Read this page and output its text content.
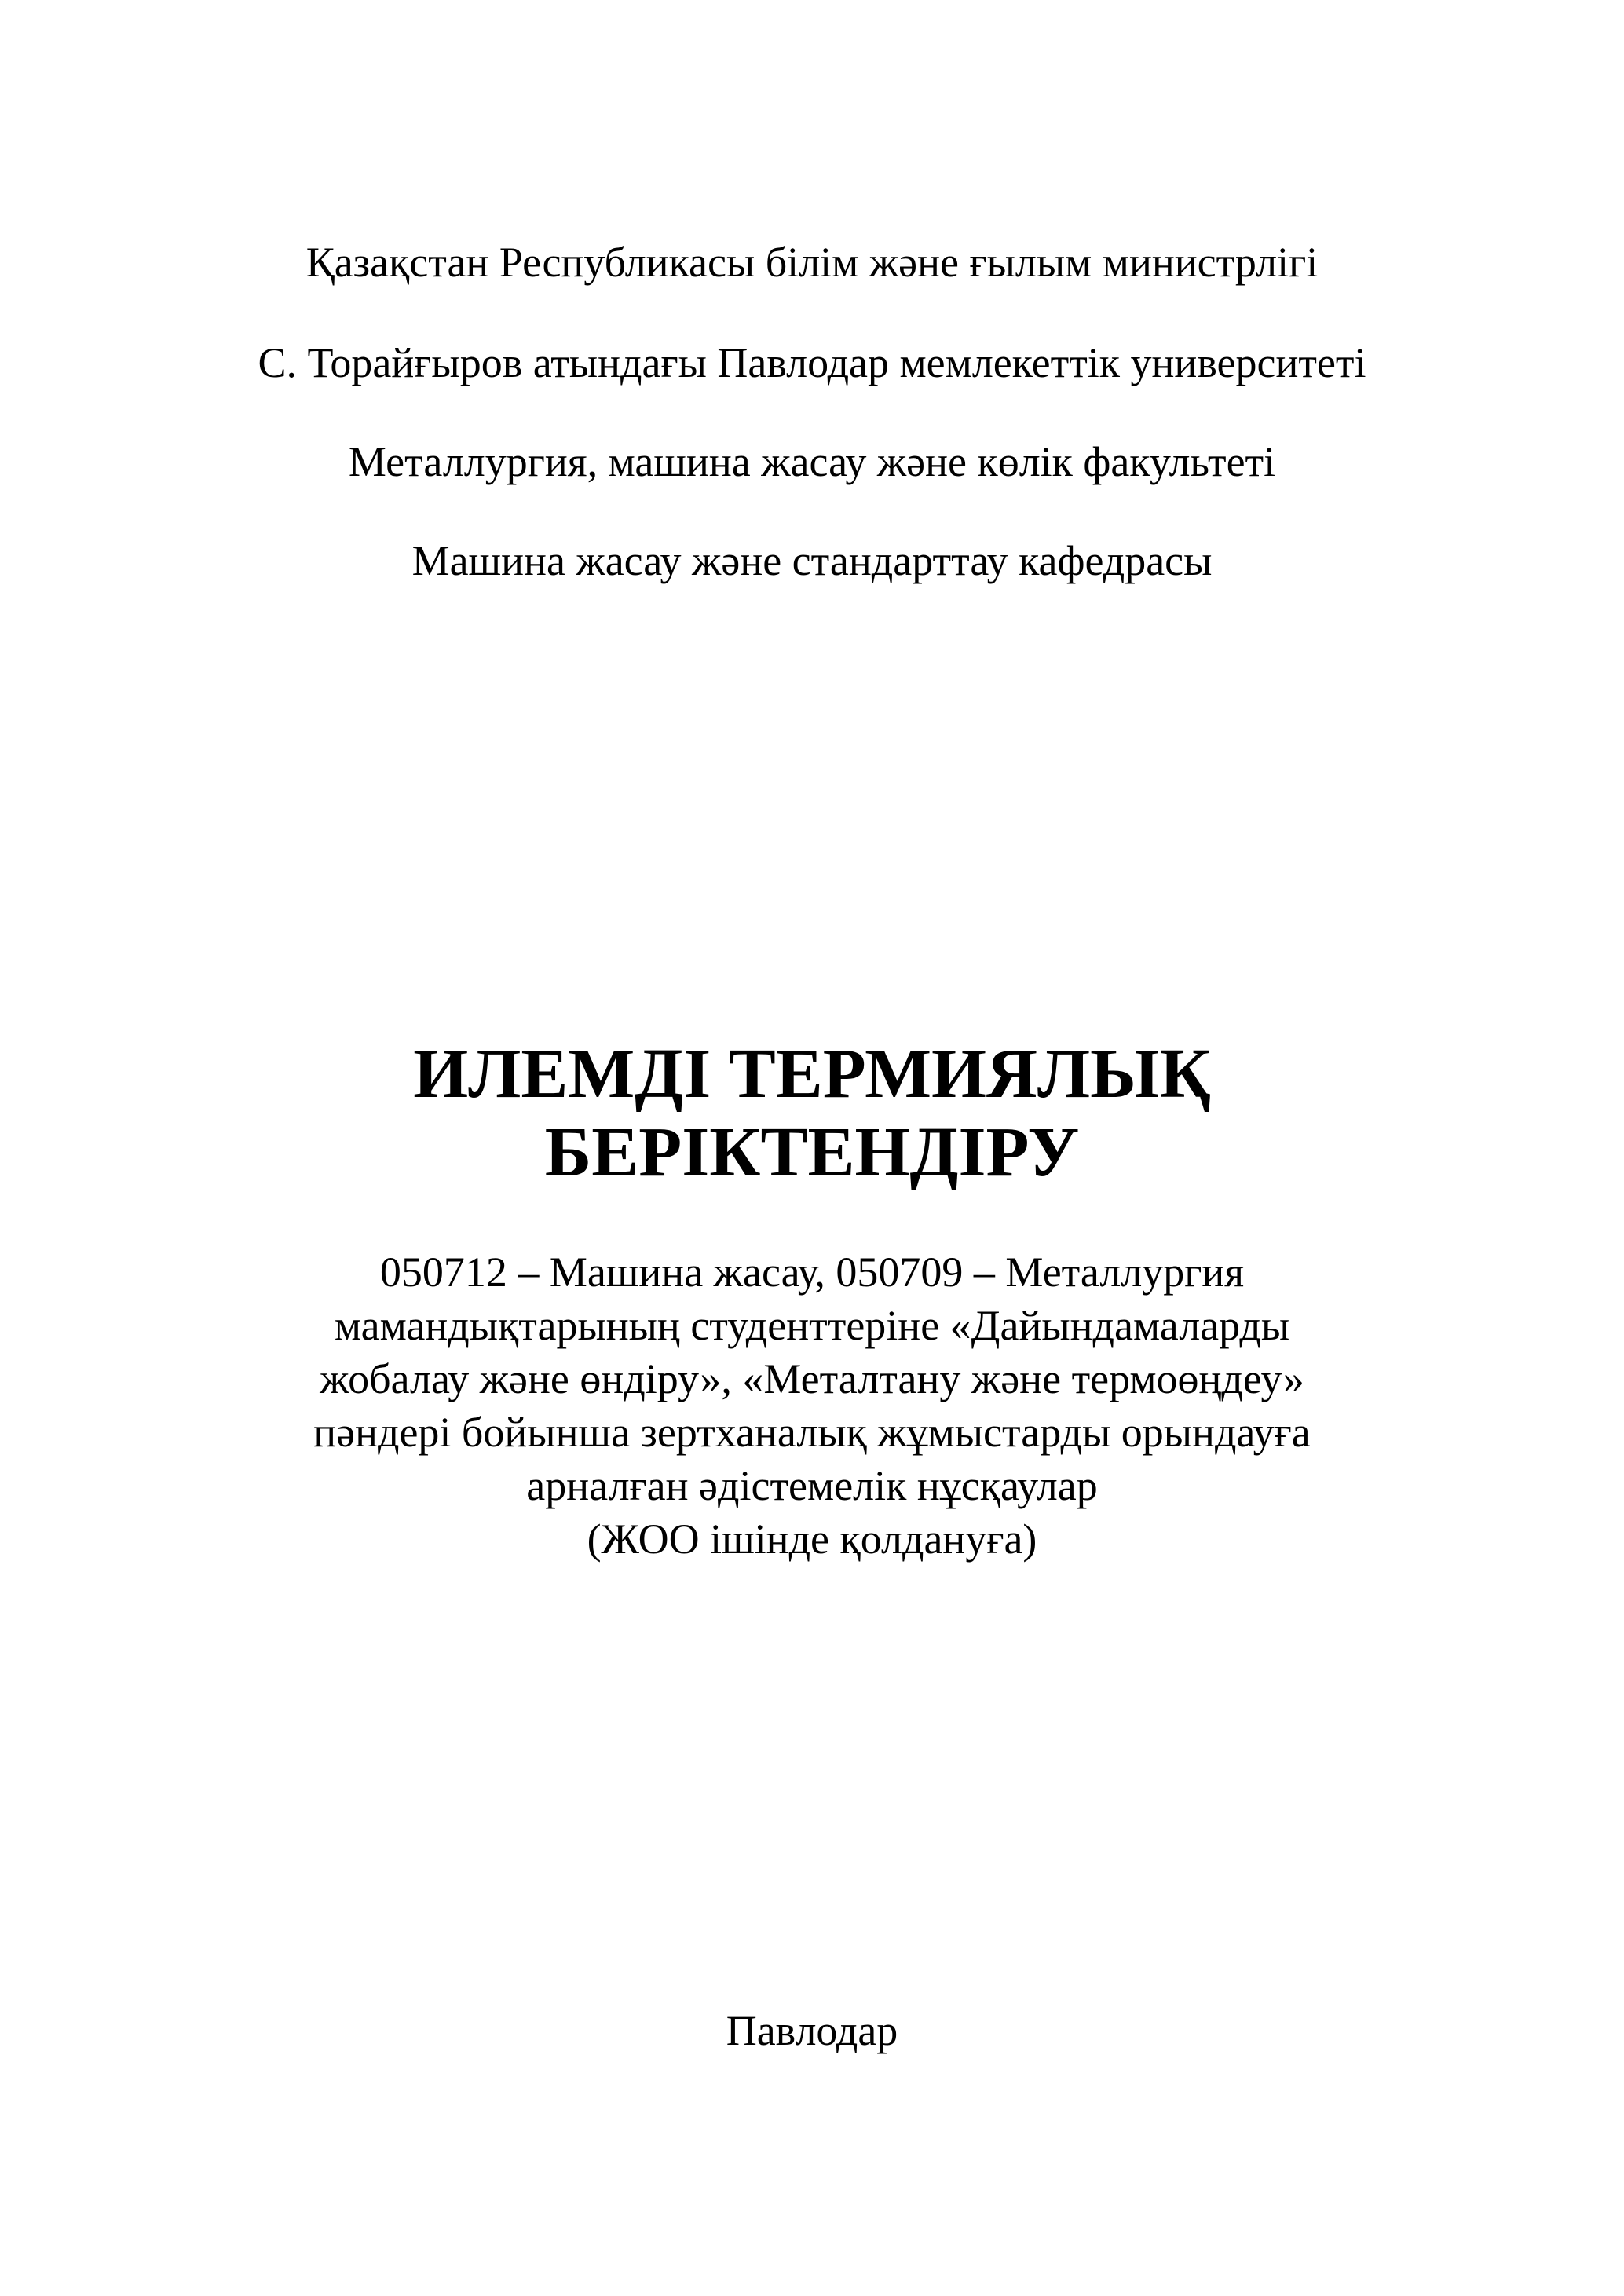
Қазақстан Республикасы білім және ғылым министрлігі

С. Торайғыров атындағы Павлодар мемлекеттік университеті

Металлургия, машина жасау және көлік факультеті

Машина жасау және стандарттау кафедрасы

ИЛЕМДІ ТЕРМИЯЛЫҚ
БЕРІКТЕНДІРУ
050712 – Машина жасау, 050709 – Металлургия
мамандықтарының студенттеріне «Дайындамаларды
жобалау және өндіру», «Металтану және термоөңдеу»
пәндері бойынша зертханалық жұмыстарды орындауға
арналған әдістемелік нұсқаулар
(ЖОО ішінде қолдануға)

Павлодар
